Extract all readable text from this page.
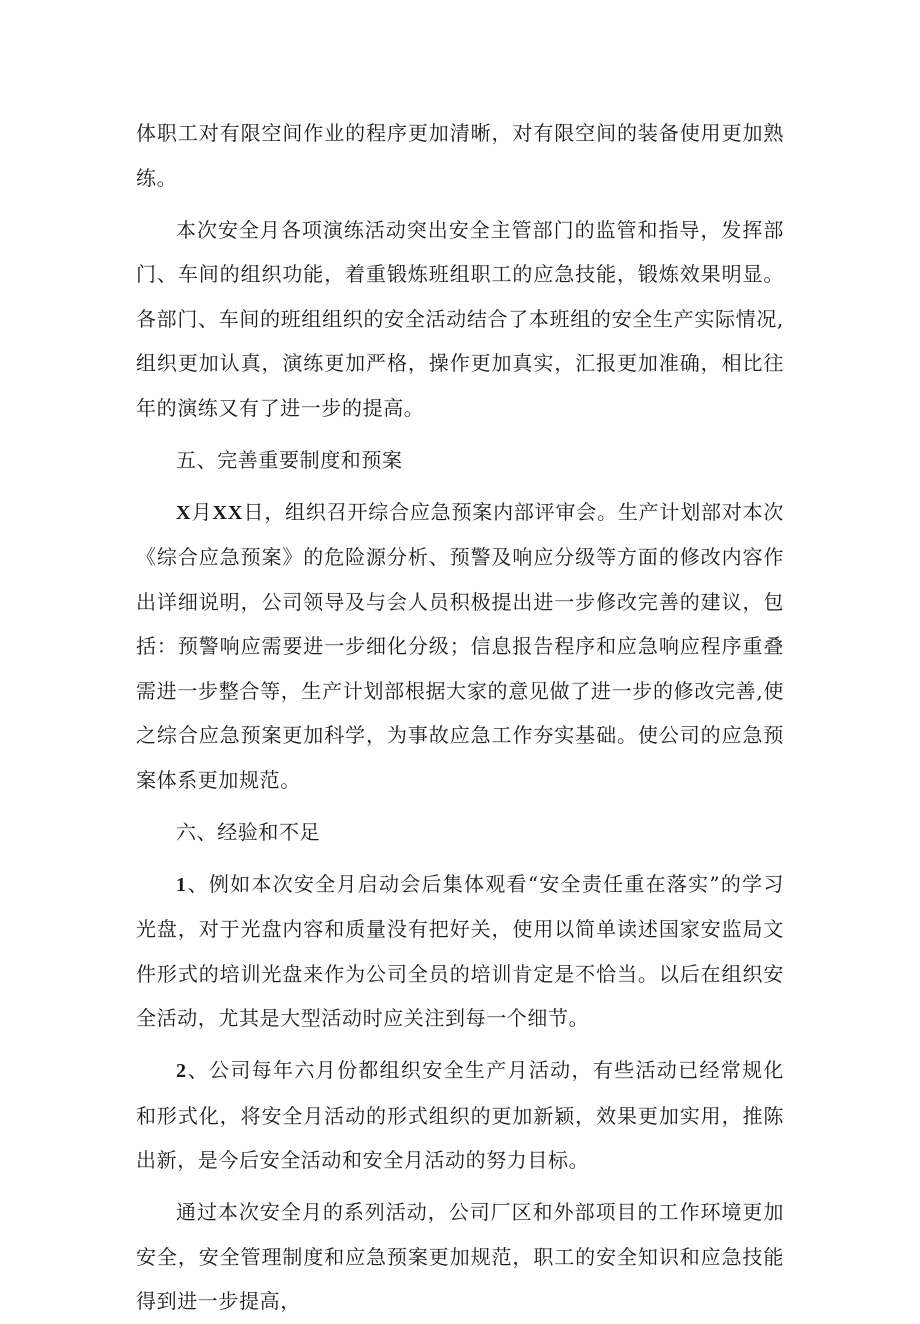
体职工对有限空间作业的程序更加清晰，对有限空间的装备使用更加熟练。

本次安全月各项演练活动突出安全主管部门的监管和指导，发挥部门、车间的组织功能，着重锻炼班组职工的应急技能，锻炼效果明显。各部门、车间的班组组织的安全活动结合了本班组的安全生产实际情况,组织更加认真，演练更加严格，操作更加真实，汇报更加准确，相比往年的演练又有了进一步的提高。

五、完善重要制度和预案

X月XX日，组织召开综合应急预案内部评审会。生产计划部对本次《综合应急预案》的危险源分析、预警及响应分级等方面的修改内容作出详细说明，公司领导及与会人员积极提出进一步修改完善的建议，包括：预警响应需要进一步细化分级；信息报告程序和应急响应程序重叠需进一步整合等，生产计划部根据大家的意见做了进一步的修改完善,使之综合应急预案更加科学，为事故应急工作夯实基础。使公司的应急预案体系更加规范。

六、经验和不足

1、例如本次安全月启动会后集体观看“安全责任重在落实”的学习光盘，对于光盘内容和质量没有把好关，使用以简单读述国家安监局文件形式的培训光盘来作为公司全员的培训肯定是不恰当。以后在组织安全活动，尤其是大型活动时应关注到每一个细节。

2、公司每年六月份都组织安全生产月活动，有些活动已经常规化和形式化，将安全月活动的形式组织的更加新颖，效果更加实用，推陈出新，是今后安全活动和安全月活动的努力目标。

通过本次安全月的系列活动，公司厂区和外部项目的工作环境更加安全，安全管理制度和应急预案更加规范，职工的安全知识和应急技能得到进一步提高，
